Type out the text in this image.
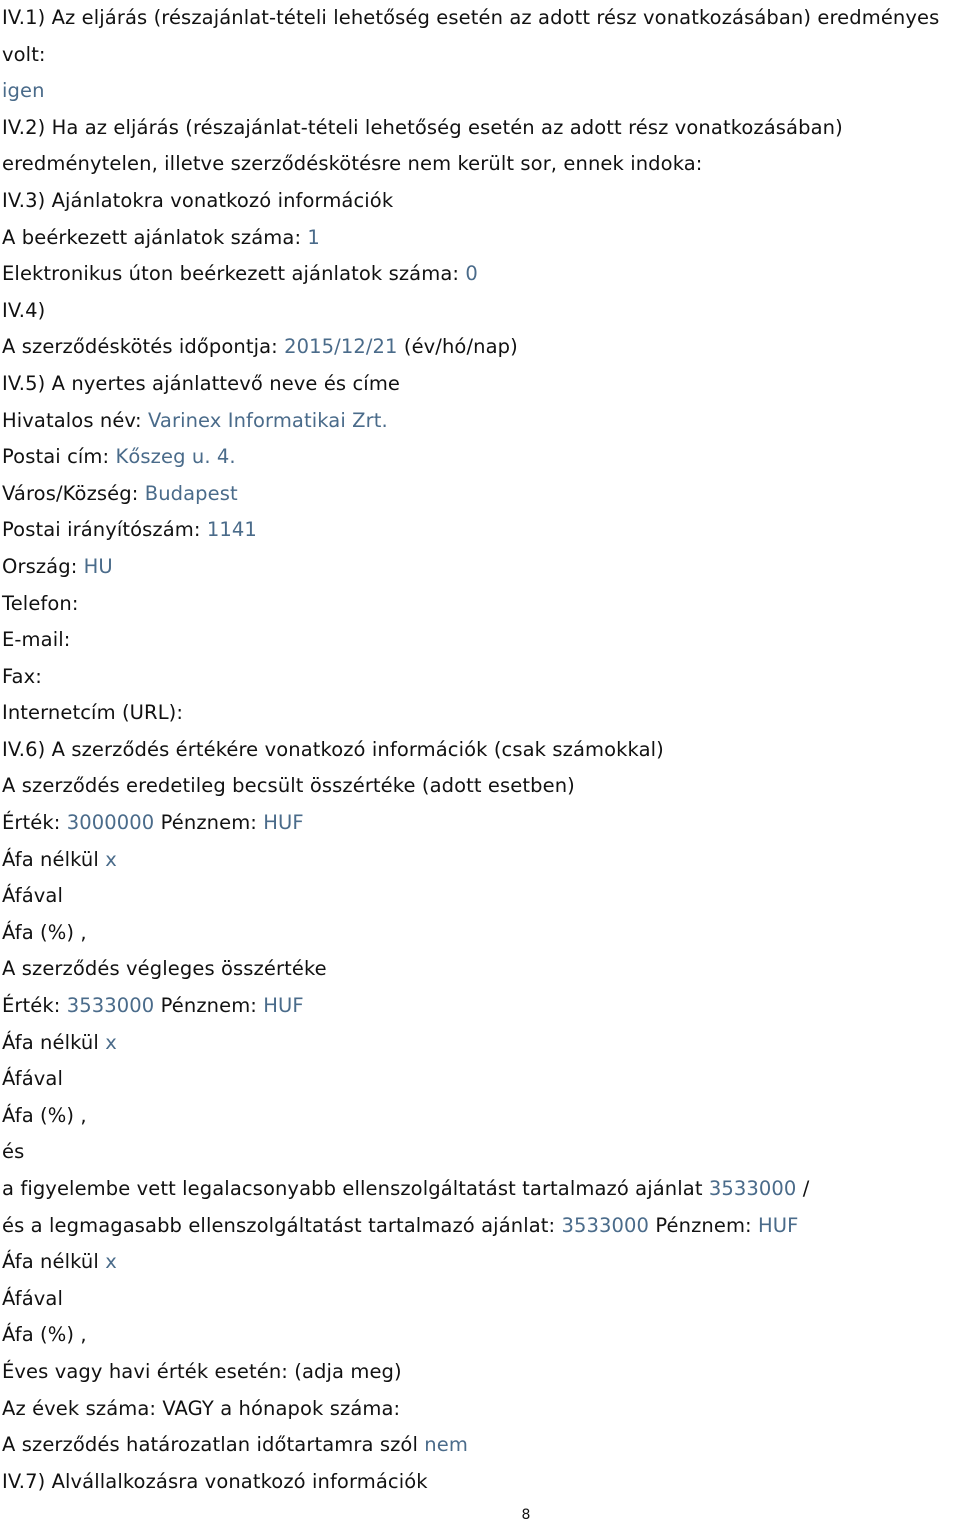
IV.1) Az eljárás (részajánlat-tételi lehetőség esetén az adott rész vonatkozásában) eredményes volt:
igen
IV.2) Ha az eljárás (részajánlat-tételi lehetőség esetén az adott rész vonatkozásában) eredménytelen, illetve szerződéskötésre nem került sor, ennek indoka:
IV.3) Ajánlatokra vonatkozó információk
A beérkezett ajánlatok száma: 1
Elektronikus úton beérkezett ajánlatok száma: 0
IV.4)
A szerződéskötés időpontja: 2015/12/21 (év/hó/nap)
IV.5) A nyertes ajánlattevő neve és címe
Hivatalos név: Varinex Informatikai Zrt.
Postai cím: Kőszeg u. 4.
Város/Község: Budapest
Postai irányítószám: 1141
Ország: HU
Telefon:
E-mail:
Fax:
Internetcím (URL):
IV.6) A szerződés értékére vonatkozó információk (csak számokkal)
A szerződés eredetileg becsült összértéke (adott esetben)
Érték: 3000000 Pénznem: HUF
Áfa nélkül x
Áfával
Áfa (%) ,
A szerződés végleges összértéke
Érték: 3533000 Pénznem: HUF
Áfa nélkül x
Áfával
Áfa (%) ,
és
a figyelembe vett legalacsonyabb ellenszolgáltatást tartalmazó ajánlat 3533000 /
és a legmagasabb ellenszolgáltatást tartalmazó ajánlat: 3533000 Pénznem: HUF
Áfa nélkül x
Áfával
Áfa (%) ,
Éves vagy havi érték esetén: (adja meg)
Az évek száma: VAGY a hónapok száma:
A szerződés határozatlan időtartamra szól nem
IV.7) Alvállalkozásra vonatkozó információk
8
